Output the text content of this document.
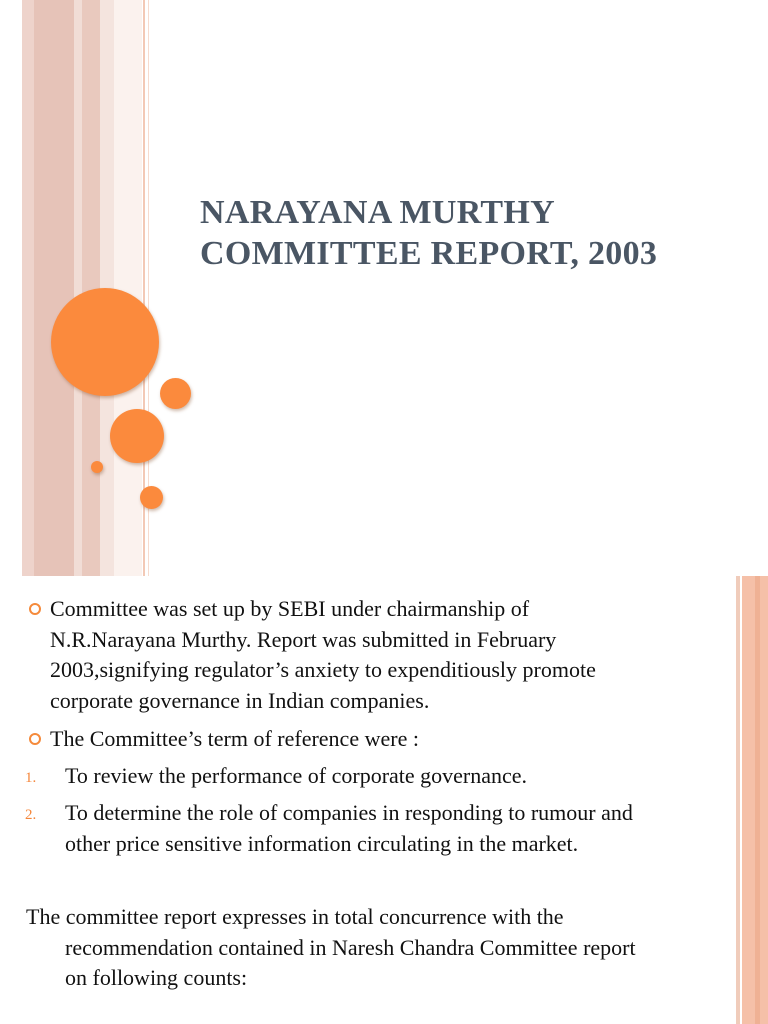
NARAYANA MURTHY
COMMITTEE REPORT, 2003
Committee was set up by SEBI under chairmanship of
N.R.Narayana Murthy. Report was submitted in February
2003,signifying regulator’s anxiety to expenditiously promote
corporate governance in Indian companies.
The Committee’s term of reference were :
1. To review the performance of corporate governance.
2. To determine the role of companies in responding to rumour and
other price sensitive information circulating in the market.
The committee report expresses in total concurrence with the
recommendation contained in Naresh Chandra Committee report
on following counts:
